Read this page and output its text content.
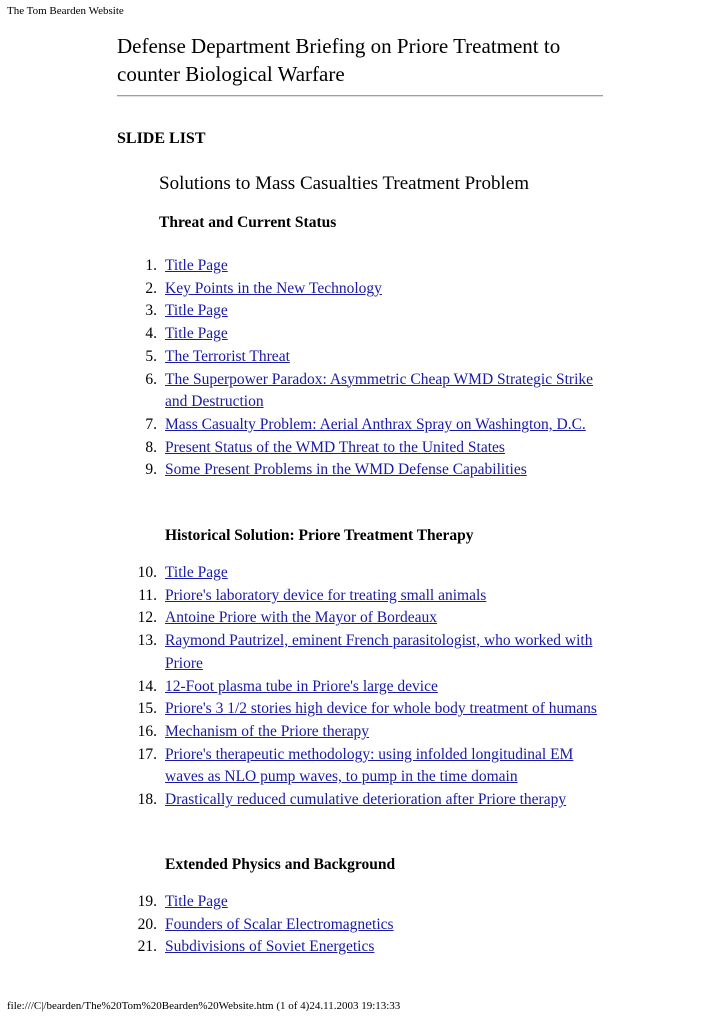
The Tom Bearden Website
Defense Department Briefing on Priore Treatment to counter Biological Warfare
SLIDE LIST
Solutions to Mass Casualties Treatment Problem
Threat and Current Status
1. Title Page
2. Key Points in the New Technology
3. Title Page
4. Title Page
5. The Terrorist Threat
6. The Superpower Paradox: Asymmetric Cheap WMD Strategic Strike and Destruction
7. Mass Casualty Problem: Aerial Anthrax Spray on Washington, D.C.
8. Present Status of the WMD Threat to the United States
9. Some Present Problems in the WMD Defense Capabilities
Historical Solution: Priore Treatment Therapy
10. Title Page
11. Priore's laboratory device for treating small animals
12. Antoine Priore with the Mayor of Bordeaux
13. Raymond Pautrizel, eminent French parasitologist, who worked with Priore
14. 12-Foot plasma tube in Priore's large device
15. Priore's 3 1/2 stories high device for whole body treatment of humans
16. Mechanism of the Priore therapy
17. Priore's therapeutic methodology: using infolded longitudinal EM waves as NLO pump waves, to pump in the time domain
18. Drastically reduced cumulative deterioration after Priore therapy
Extended Physics and Background
19. Title Page
20. Founders of Scalar Electromagnetics
21. Subdivisions of Soviet Energetics
file:///C|/bearden/The%20Tom%20Bearden%20Website.htm (1 of 4)24.11.2003 19:13:33
